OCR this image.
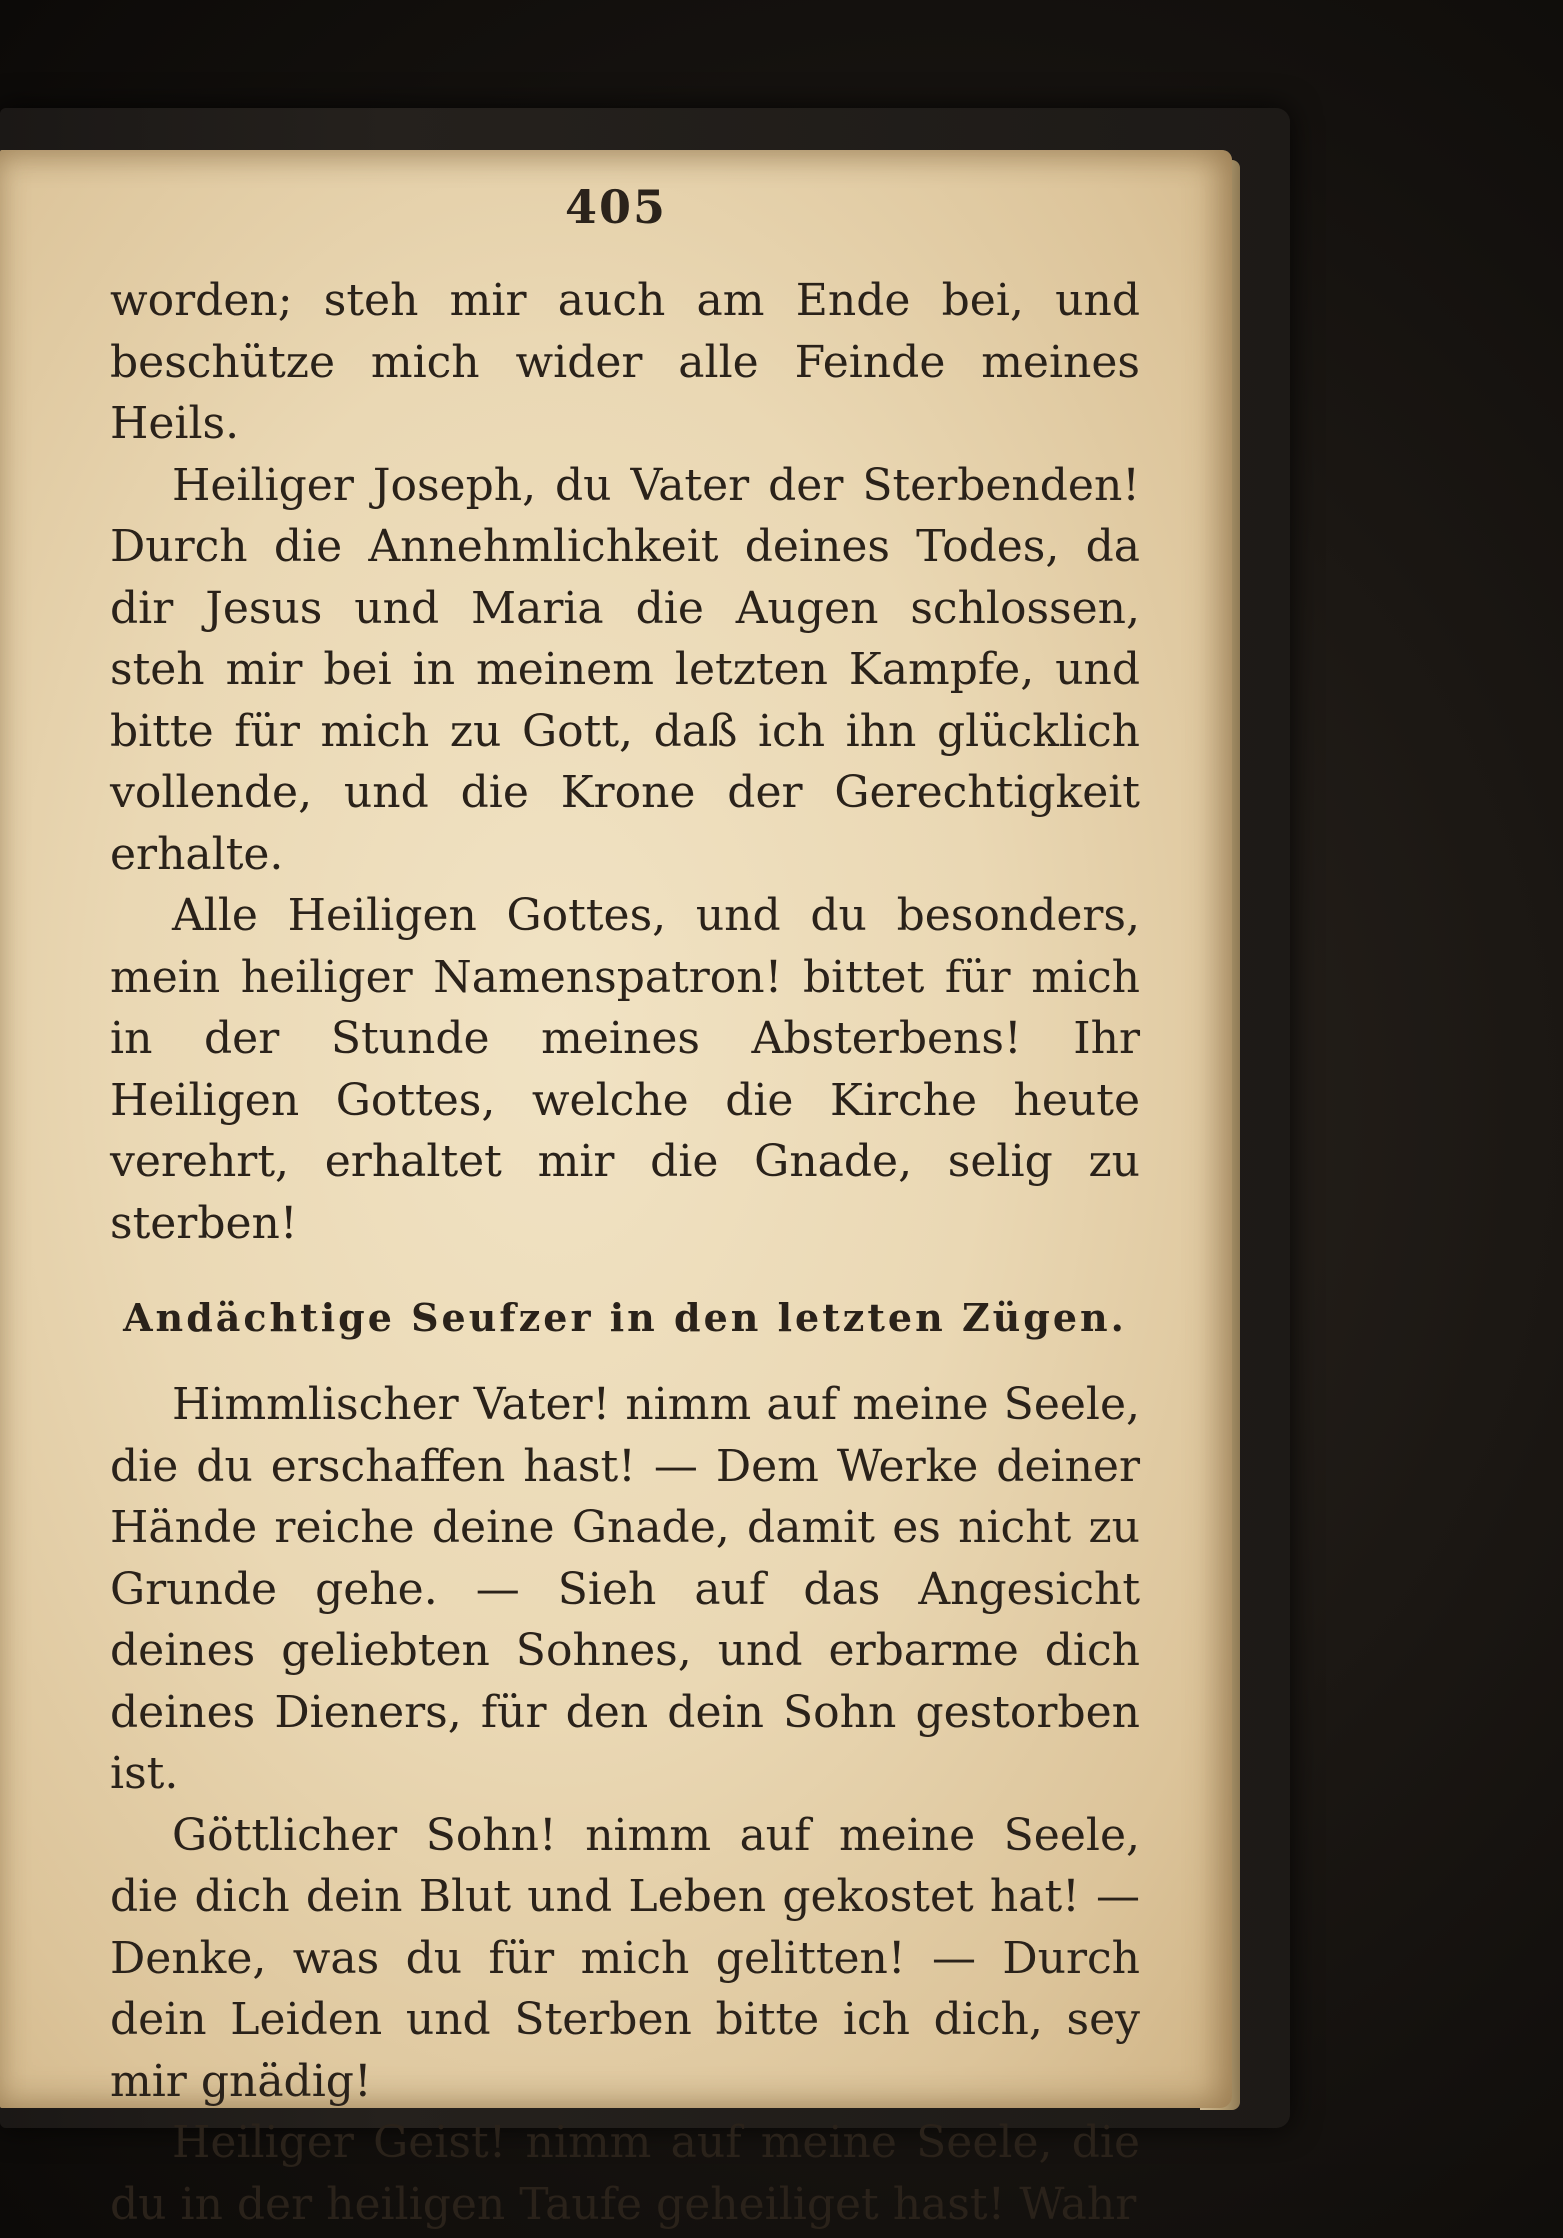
405

worden; steh mir auch am Ende bei, und beschütze mich wider alle Feinde meines Heils.

Heiliger Joseph, du Vater der Sterbenden! Durch die Annehmlichkeit deines Todes, da dir Jesus und Maria die Augen schlossen, steh mir bei in meinem letzten Kampfe, und bitte für mich zu Gott, daß ich ihn glücklich vollende, und die Krone der Gerechtigkeit erhalte.

Alle Heiligen Gottes, und du besonders, mein heiliger Namenspatron! bittet für mich in der Stunde meines Absterbens! Ihr Heiligen Gottes, welche die Kirche heute verehrt, erhaltet mir die Gnade, selig zu sterben!

Andächtige Seufzer in den letzten Zügen.

Himmlischer Vater! nimm auf meine Seele, die du erschaffen hast! — Dem Werke deiner Hände reiche deine Gnade, damit es nicht zu Grunde gehe. — Sieh auf das Angesicht deines geliebten Sohnes, und erbarme dich deines Dieners, für den dein Sohn gestorben ist.

Göttlicher Sohn! nimm auf meine Seele, die dich dein Blut und Leben gekostet hat! — Denke, was du für mich gelitten! — Durch dein Leiden und Sterben bitte ich dich, sey mir gnädig!

Heiliger Geist! nimm auf meine Seele, die du in der heiligen Taufe geheiliget hast! Wahr
